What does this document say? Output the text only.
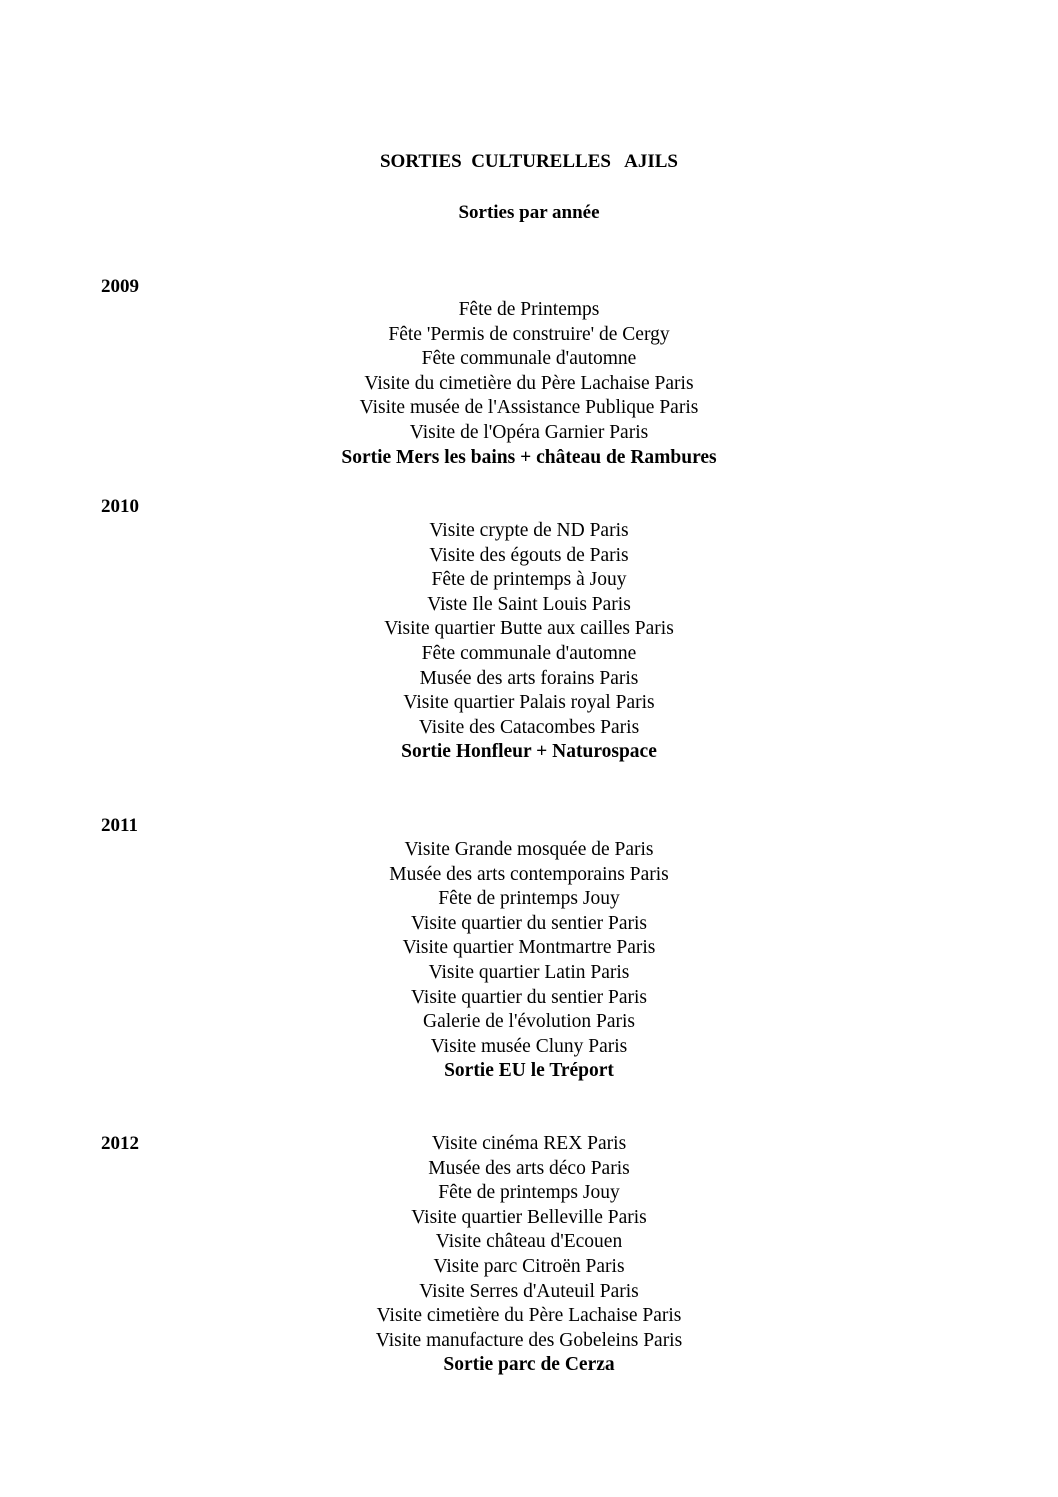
SORTIES  CULTURELLES   AJILS
Sorties par année
2009
Fête de Printemps
Fête 'Permis de construire' de Cergy
Fête communale d'automne
Visite du cimetière du Père Lachaise Paris
Visite musée de l'Assistance Publique Paris
Visite de l'Opéra Garnier Paris
Sortie Mers les bains + château de Rambures
2010
Visite crypte de ND Paris
Visite des égouts de Paris
Fête de printemps à Jouy
Viste Ile Saint Louis Paris
Visite quartier Butte aux cailles Paris
Fête communale d'automne
Musée des arts forains Paris
Visite quartier Palais royal Paris
Visite des Catacombes Paris
Sortie Honfleur + Naturospace
2011
Visite Grande mosquée de Paris
Musée des arts contemporains Paris
Fête de printemps Jouy
Visite quartier du sentier Paris
Visite quartier Montmartre Paris
Visite quartier Latin Paris
Visite quartier du sentier Paris
Galerie de l'évolution Paris
Visite musée Cluny Paris
Sortie EU le Tréport
2012	Visite cinéma REX Paris
Musée des arts déco Paris
Fête de printemps Jouy
Visite quartier Belleville Paris
Visite château d'Ecouen
Visite parc Citroën Paris
Visite Serres d'Auteuil Paris
Visite cimetière du Père Lachaise Paris
Visite manufacture des Gobeleins Paris
Sortie parc de Cerza
